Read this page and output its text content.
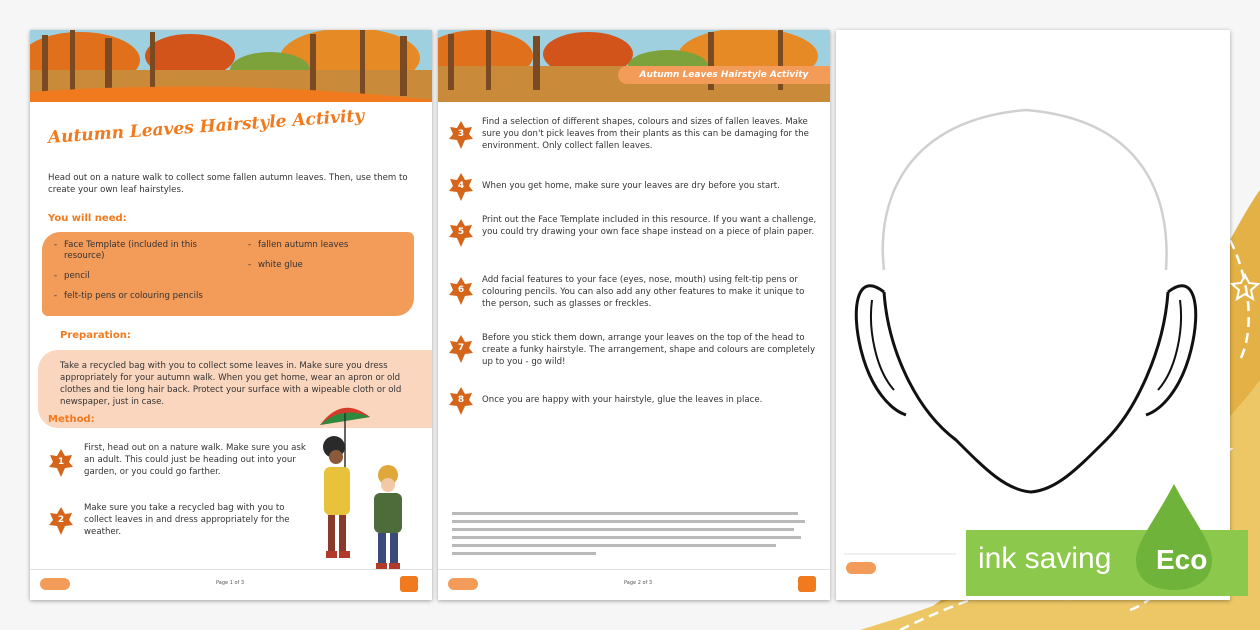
Autumn Leaves Hairstyle Activity
Head out on a nature walk to collect some fallen autumn leaves. Then, use them to create your own leaf hairstyles.
You will need:
- Face Template (included in this resource)
- pencil
- felt-tip pens or colouring pencils
- fallen autumn leaves
- white glue
Preparation:

Take a recycled bag with you to collect some leaves in. Make sure you dress appropriately for your autumn walk. When you get home, wear an apron or old clothes and tie long hair back. Protect your surface with a wipeable cloth or old newspaper, just in case.

Method:
1
First, head out on a nature walk. Make sure you ask an adult. This could just be heading out into your garden, or you could go farther.
2
Make sure you take a recycled bag with you to collect leaves in and dress appropriately for the weather.
Page 1 of 3
Autumn Leaves Hairstyle Activity
3
Find a selection of different shapes, colours and sizes of fallen leaves. Make sure you don't pick leaves from their plants as this can be damaging for the environment. Only collect fallen leaves.
4	When you get home, make sure your leaves are dry before you start.
5
Print out the Face Template included in this resource. If you want a challenge, you could try drawing your own face shape instead on a piece of plain paper.
6
Add facial features to your face (eyes, nose, mouth) using felt-tip pens or colouring pencils. You can also add any other features to make it unique to the person, such as glasses or freckles.
7
Before you stick them down, arrange your leaves on the top of the head to create a funky hairstyle. The arrangement, shape and colours are completely up to you - go wild!
8	Once you are happy with your hairstyle, glue the leaves in place.
Page 2 of 3
ink saving Eco
